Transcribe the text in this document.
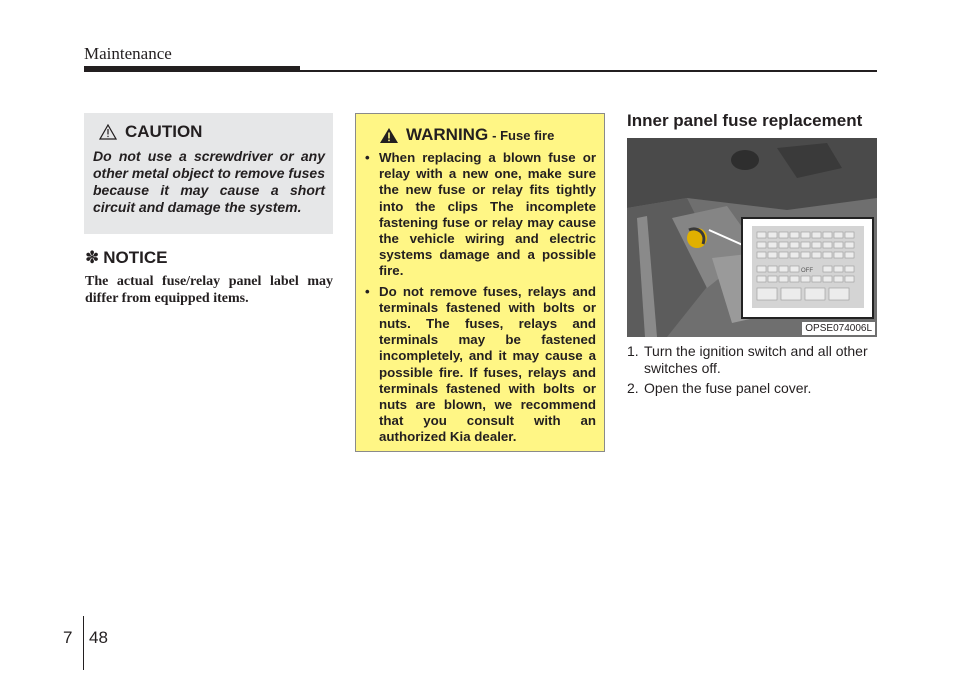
Maintenance
CAUTION
Do not use a screwdriver or any other metal object to remove fuses because it may cause a short circuit and damage the system.
✽ NOTICE
The actual fuse/relay panel label may differ from equipped items.
WARNING - Fuse fire
• When replacing a blown fuse or relay with a new one, make sure the new fuse or relay fits tightly into the clips The incomplete fastening fuse or relay may cause the vehicle wiring and electric systems damage and a possible fire.
• Do not remove fuses, relays and terminals fastened with bolts or nuts. The fuses, relays and terminals may be fastened incompletely, and it may cause a possible fire. If fuses, relays and terminals fastened with bolts or nuts are blown, we recommend that you consult with an authorized Kia dealer.
Inner panel fuse replacement
OFF
OPSE074006L
1. Turn the ignition switch and all other switches off.
2. Open the fuse panel cover.
7 48
